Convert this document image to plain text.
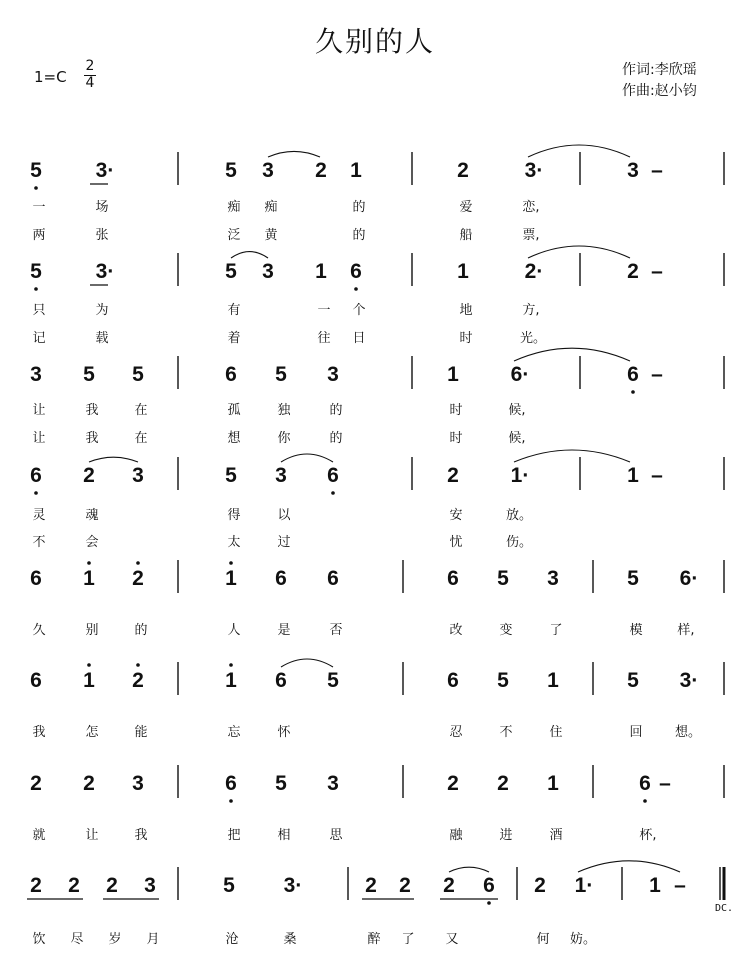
久别的人
1=C
2
4
作词:李欣瑶
作曲:赵小钧
5	3·	5 3 2 1	2	3·	3 –
一	场	痴	痴	的	爱	恋,
两	张	泛	黄	的	船	票,
5	3·	5 3 1 6	1	2·	2 –
只	为	有	一	个	地	方,
记	载	着	往	日	时	光。
3 5 5	6 5 3	1 6·	6 –
让	我	在	孤	独	的	时	候,
让	我	在	想	你	的	时	候,
6 2 3	5 3 6	2 1·	1 –
灵	魂	得	以	安	放。
不	会	太	过	忧	伤。
6 1 2	1 6 6	6 5 3	5 6·
久	别	的	人	是	否	改	变	了	模	样,
6 1 2	1 6 5	6 5 1	5 3·
我	怎	能	忘	怀	忍	不	住	回	想。
2 2 3	6 5 3	2 2 1	6 –
就	让	我	把	相	思	融	进	酒	杯,
2 2 2 3	5 3·	2 2 2 6 2 1·	1 –
饮	尽	岁	月	沧	桑	醉	了	又	何	妨。
DC.
